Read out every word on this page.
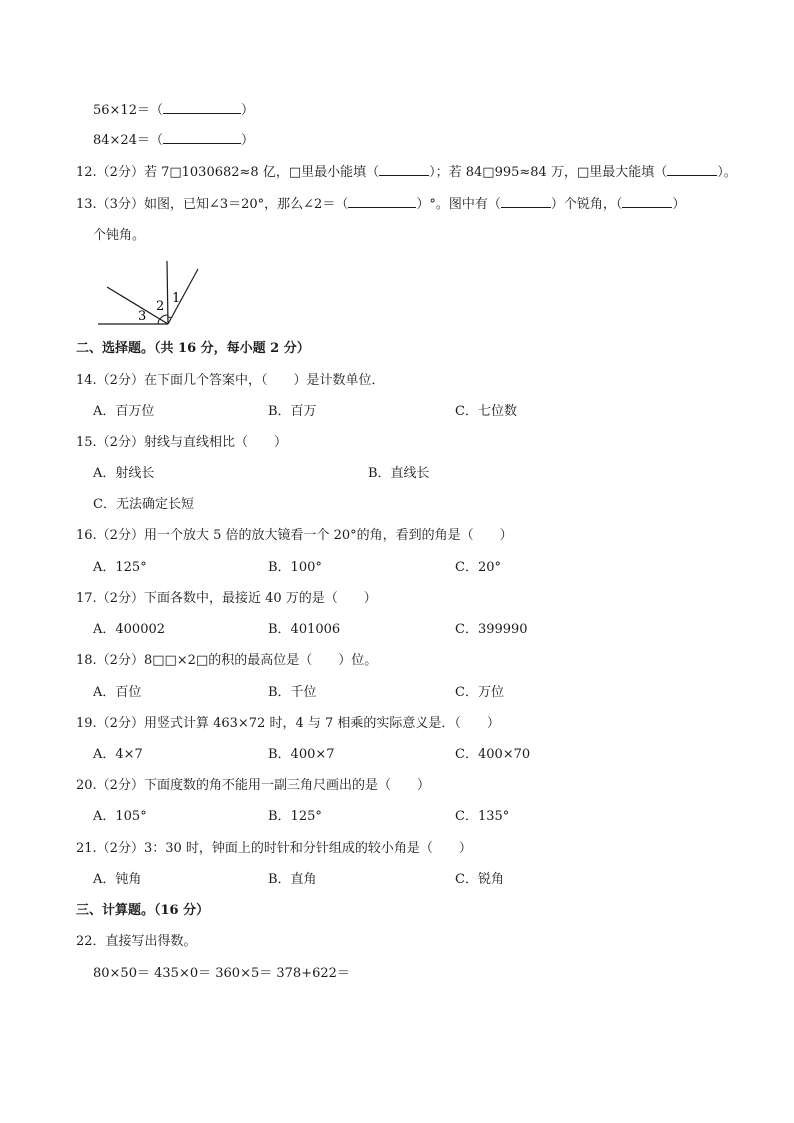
56×12＝（	）
84×24＝（	）
12.（2分）若 7□1030682≈8 亿，□里最小能填（	）；若 84□995≈84 万，□里最大能填（	）。
13.（3分）如图，已知∠3＝20°，那么∠2＝（	）°。图中有（	）个锐角，（	）
个钝角。
1
2
3
二、选择题。（共 16 分，每小题 2 分）
14.（2分）在下面几个答案中，（　　）是计数单位．
A．百万位	B．百万	C．七位数
15.（2分）射线与直线相比（　　）
A．射线长	B．直线长
C．无法确定长短
16.（2分）用一个放大 5 倍的放大镜看一个 20°的角，看到的角是（　　）
A．125°	B．100°	C．20°
17.（2分）下面各数中，最接近 40 万的是（　　）
A．400002	B．401006	C．399990
18.（2分）8□□×2□的积的最高位是（　　）位。
A．百位	B．千位	C．万位
19.（2分）用竖式计算 463×72 时，4 与 7 相乘的实际意义是．（　　）
A．4×7	B．400×7	C．400×70
20.（2分）下面度数的角不能用一副三角尺画出的是（　　）
A．105°	B．125°	C．135°
21.（2分）3：30 时，钟面上的时针和分针组成的较小角是（　　）
A．钝角	B．直角	C．锐角
三、计算题。（16 分）
22．直接写出得数。
80×50＝ 435×0＝ 360×5＝ 378+622＝
